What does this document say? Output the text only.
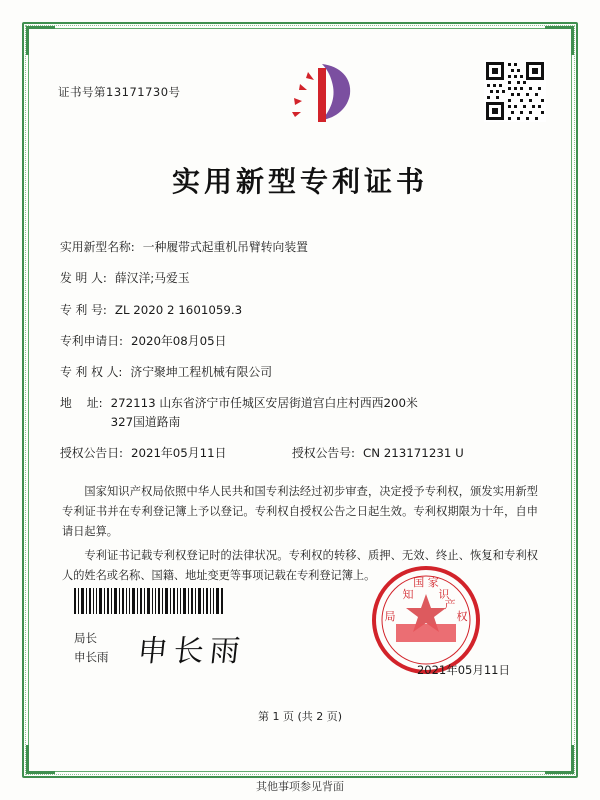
证书号第13171730号
实用新型专利证书
实用新型名称: 一种履带式起重机吊臂转向装置
发 明 人: 薛汉洋;马爱玉
专 利 号: ZL 2020 2 1601059.3
专利申请日: 2020年08月05日
专 利 权 人: 济宁聚坤工程机械有限公司
地    址: 272113 山东省济宁市任城区安居街道宫白庄村西西200米
327国道路南
授权公告日: 2021年05月11日	授权公告号: CN 213171231 U

国家知识产权局依照中华人民共和国专利法经过初步审查，决定授予专利权，颁发实用新型专利证书并在专利登记簿上予以登记。专利权自授权公告之日起生效。专利权期限为十年，自申请日起算。

专利证书记载专利权登记时的法律状况。专利权的转移、质押、无效、终止、恢复和专利权人的姓名或名称、国籍、地址变更等事项记载在专利登记簿上。

局长
申长雨 申长雨
国 家
局	权
知 识
产
2021年05月11日
第 1 页 (共 2 页)
其他事项参见背面
